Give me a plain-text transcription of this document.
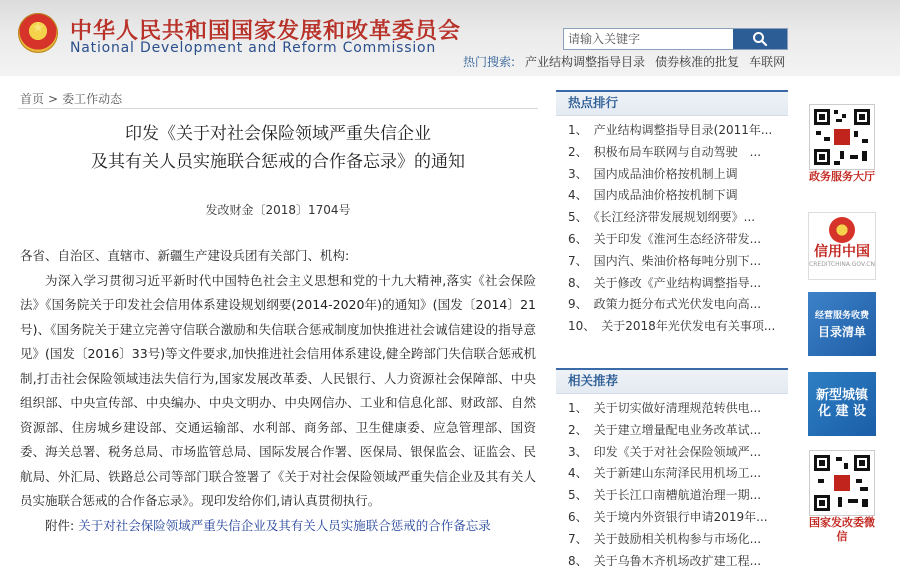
★
中华人民共和国国家发展和改革委员会
National Development and Reform Commission
请输入关键字
热门搜索: 产业结构调整指导目录 债券核准的批复 车联网
首页 > 委工作动态
印发《关于对社会保险领域严重失信企业
及其有关人员实施联合惩戒的合作备忘录》的通知
发改财金〔2018〕1704号

各省、自治区、直辖市、新疆生产建设兵团有关部门、机构:

为深入学习贯彻习近平新时代中国特色社会主义思想和党的十九大精神,落实《社会保险法》《国务院关于印发社会信用体系建设规划纲要(2014-2020年)的通知》(国发〔2014〕21号)、《国务院关于建立完善守信联合激励和失信联合惩戒制度加快推进社会诚信建设的指导意见》(国发〔2016〕33号)等文件要求,加快推进社会信用体系建设,健全跨部门失信联合惩戒机制,打击社会保险领域违法失信行为,国家发展改革委、人民银行、人力资源社会保障部、中央组织部、中央宣传部、中央编办、中央文明办、中央网信办、工业和信息化部、财政部、自然资源部、住房城乡建设部、交通运输部、水利部、商务部、卫生健康委、应急管理部、国资委、海关总署、税务总局、市场监管总局、国际发展合作署、医保局、银保监会、证监会、民航局、外汇局、铁路总公司等部门联合签署了《关于对社会保险领域严重失信企业及其有关人员实施联合惩戒的合作备忘录》。现印发给你们,请认真贯彻执行。

附件: 关于对社会保险领域严重失信企业及其有关人员实施联合惩戒的合作备忘录

热点排行
1、 产业结构调整指导目录(2011年...
2、 积极布局车联网与自动驾驶　...
3、 国内成品油价格按机制上调
4、 国内成品油价格按机制下调
5、 《长江经济带发展规划纲要》...
6、 关于印发《淮河生态经济带发...
7、 国内汽、柴油价格每吨分别下...
8、 关于修改《产业结构调整指导...
9、 政策力挺分布式光伏发电向高...
10、 关于2018年光伏发电有关事项...
相关推荐
1、 关于切实做好清理规范转供电...
2、 关于建立增量配电业务改革试...
3、 印发《关于对社会保险领域严...
4、 关于新建山东菏泽民用机场工...
5、 关于长江口南槽航道治理一期...
6、 关于境内外资银行申请2019年...
7、 关于鼓励相关机构参与市场化...
8、 关于乌鲁木齐机场改扩建工程...
政务服务大厅
信用中国
CREDITCHINA.GOV.CN
经营服务收费
目录清单
新型城镇
化 建 设
国家发改委微信
